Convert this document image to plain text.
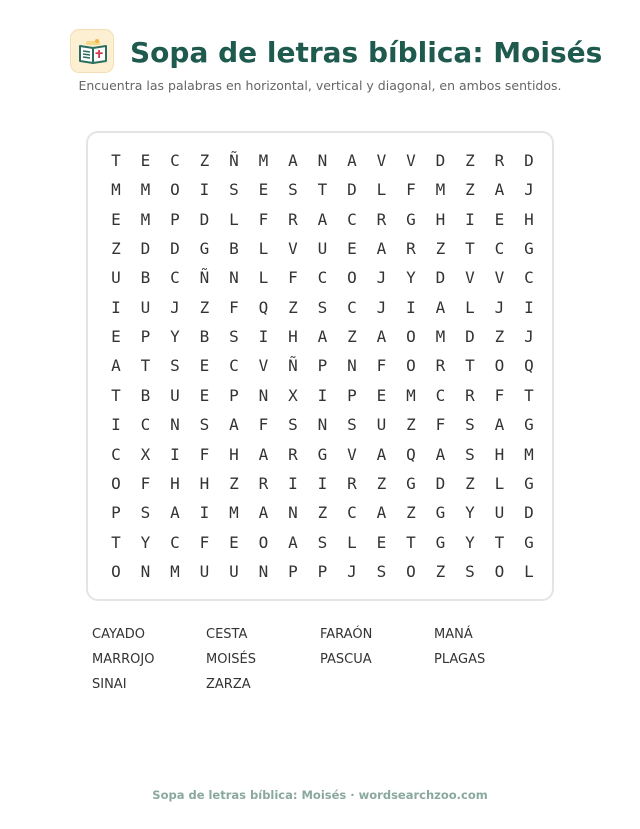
Sopa de letras bíblica: Moisés
Encuentra las palabras en horizontal, vertical y diagonal, en ambos sentidos.
T	E	C	Z	Ñ	M	A	N	A	V	V	D	Z	R	D
M	M	O	I	S	E	S	T	D	L	F	M	Z	A	J
E	M	P	D	L	F	R	A	C	R	G	H	I	E	H
Z	D	D	G	B	L	V	U	E	A	R	Z	T	C	G
U	B	C	Ñ	N	L	F	C	O	J	Y	D	V	V	C
I	U	J	Z	F	Q	Z	S	C	J	I	A	L	J	I
E	P	Y	B	S	I	H	A	Z	A	O	M	D	Z	J
A	T	S	E	C	V	Ñ	P	N	F	O	R	T	O	Q
T	B	U	E	P	N	X	I	P	E	M	C	R	F	T
I	C	N	S	A	F	S	N	S	U	Z	F	S	A	G
C	X	I	F	H	A	R	G	V	A	Q	A	S	H	M
O	F	H	H	Z	R	I	I	R	Z	G	D	Z	L	G
P	S	A	I	M	A	N	Z	C	A	Z	G	Y	U	D
T	Y	C	F	E	O	A	S	L	E	T	G	Y	T	G
O	N	M	U	U	N	P	P	J	S	O	Z	S	O	L
CAYADO	CESTA	FARAÓN	MANÁ
MARROJO	MOISÉS	PASCUA	PLAGAS
SINAI	ZARZA
Sopa de letras bíblica: Moisés · wordsearchzoo.com
